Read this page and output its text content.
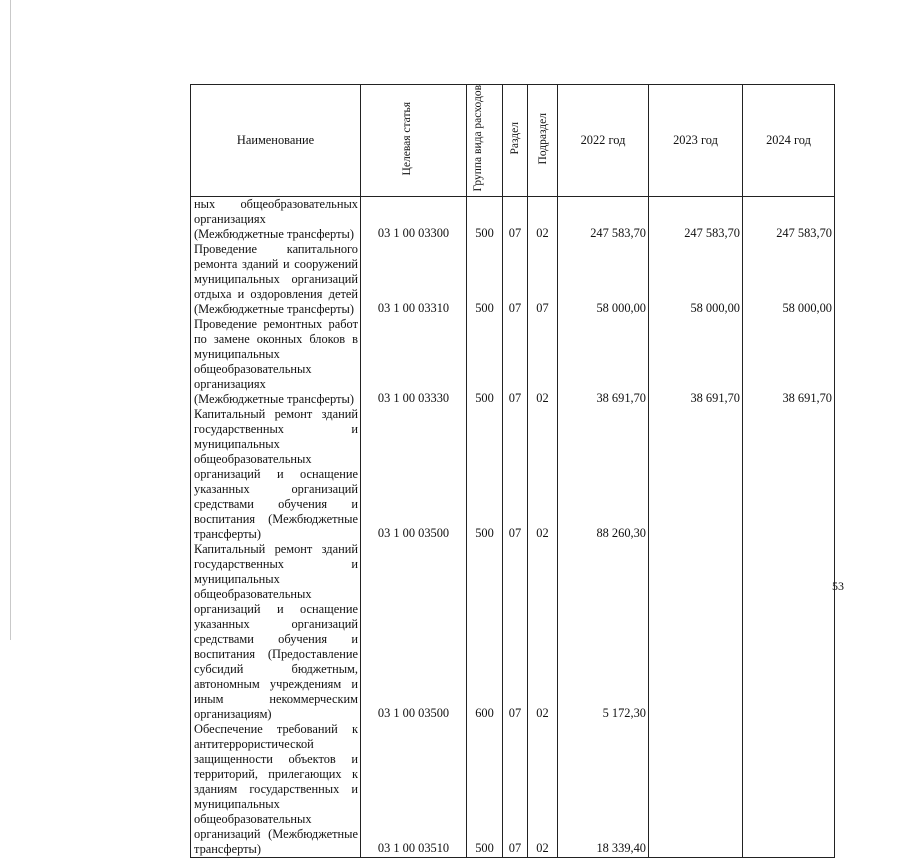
Наименование	Целевая статья	Группа вида расходов	Раздел	Подраздел	2022 год	2023 год	2024 год
ных общеобразовательных организациях (Межбюджетные трансферты)	03 1 00 03300	500	07	02	247 583,70	247 583,70	247 583,70
Проведение капитального ремонта зданий и сооружений муниципальных организаций отдыха и оздоровления детей (Межбюджетные трансферты)	03 1 00 03310	500	07	07	58 000,00	58 000,00	58 000,00
Проведение ремонтных работ по замене оконных блоков в муниципальных общеобразовательных организациях (Межбюджетные трансферты)	03 1 00 03330	500	07	02	38 691,70	38 691,70	38 691,70
Капитальный ремонт зданий государственных и муниципальных общеобразовательных организаций и оснащение указанных организаций средствами обучения и воспитания (Межбюджетные трансферты)	03 1 00 03500	500	07	02	88 260,30		
Капитальный ремонт зданий государственных и муниципальных общеобразовательных организаций и оснащение указанных организаций средствами обучения и воспитания (Предоставление субсидий бюджетным, автономным учреждениям и иным некоммерческим организациям)	03 1 00 03500	600	07	02	5 172,30		
Обеспечение требований к антитеррористической защищенности объектов и территорий, прилегающих к зданиям государственных и муниципальных общеобразовательных организаций (Межбюджетные трансферты)	03 1 00 03510	500	07	02	18 339,40		
53
